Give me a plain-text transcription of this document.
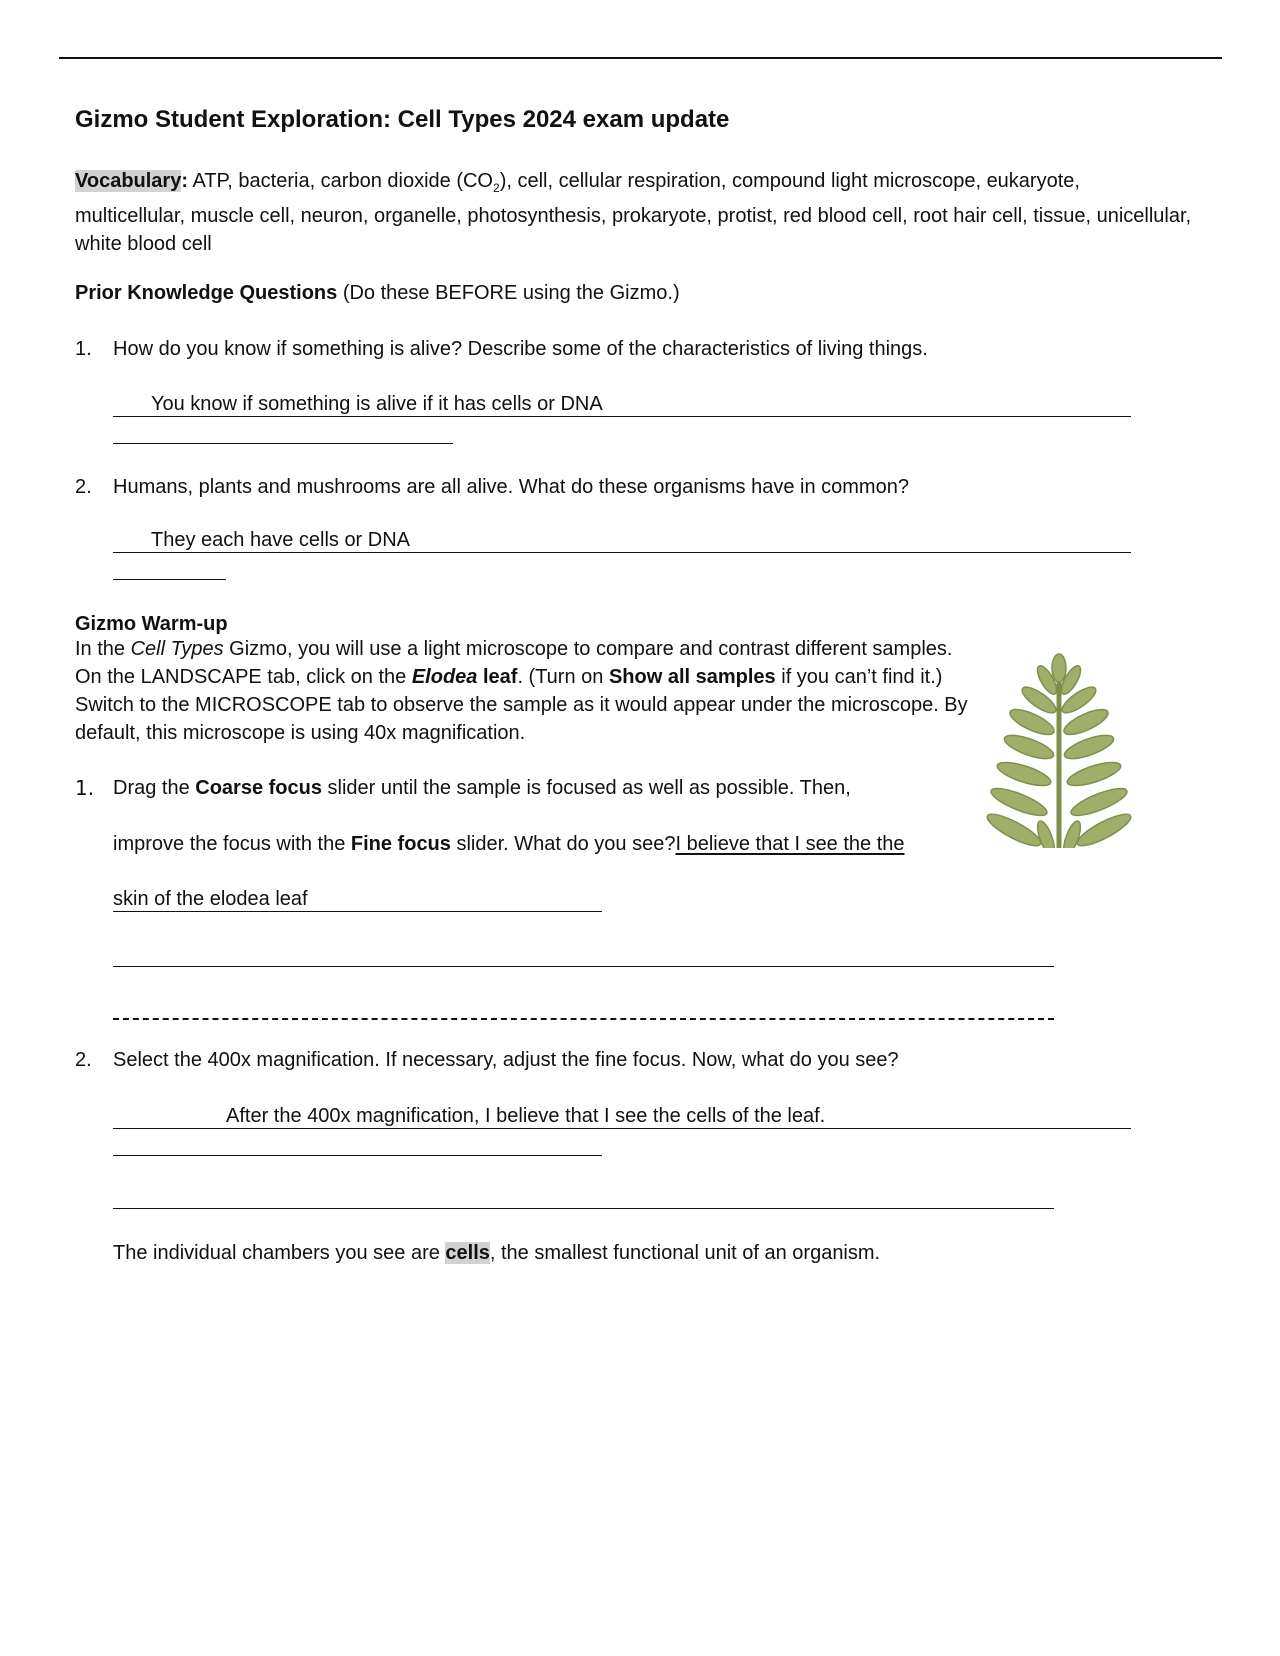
Gizmo Student Exploration: Cell Types 2024 exam update
Vocabulary: ATP, bacteria, carbon dioxide $(CO_2)$, cell, cellular respiration, compound light microscope, eukaryote, multicellular, muscle cell, neuron, organelle, photosynthesis, prokaryote, protist, red blood cell, root hair cell, tissue, unicellular, white blood cell
Prior Knowledge Questions (Do these BEFORE using the Gizmo.)
1.	How do you know if something is alive? Describe some of the characteristics of living things.
You know if something is alive if it has cells or DNA
2.	Humans, plants and mushrooms are all alive. What do these organisms have in common?
They each have cells or DNA
Gizmo Warm-up
In the Cell Types Gizmo, you will use a light microscope to compare and contrast different samples. On the LANDSCAPE tab, click on the Elodea leaf. (Turn on Show all samples if you can’t find it.) Switch to the MICROSCOPE tab to observe the sample as it would appear under the microscope. By default, this microscope is using 40x magnification.
1. Drag the Coarse focus slider until the sample is focused as well as possible. Then,
improve the focus with the Fine focus slider. What do you see?I believe that I see the the
skin of the elodea leaf
2.	Select the 400x magnification. If necessary, adjust the fine focus. Now, what do you see?
After the 400x magnification, I believe that I see the cells of the leaf.
The individual chambers you see are cells, the smallest functional unit of an organism.
